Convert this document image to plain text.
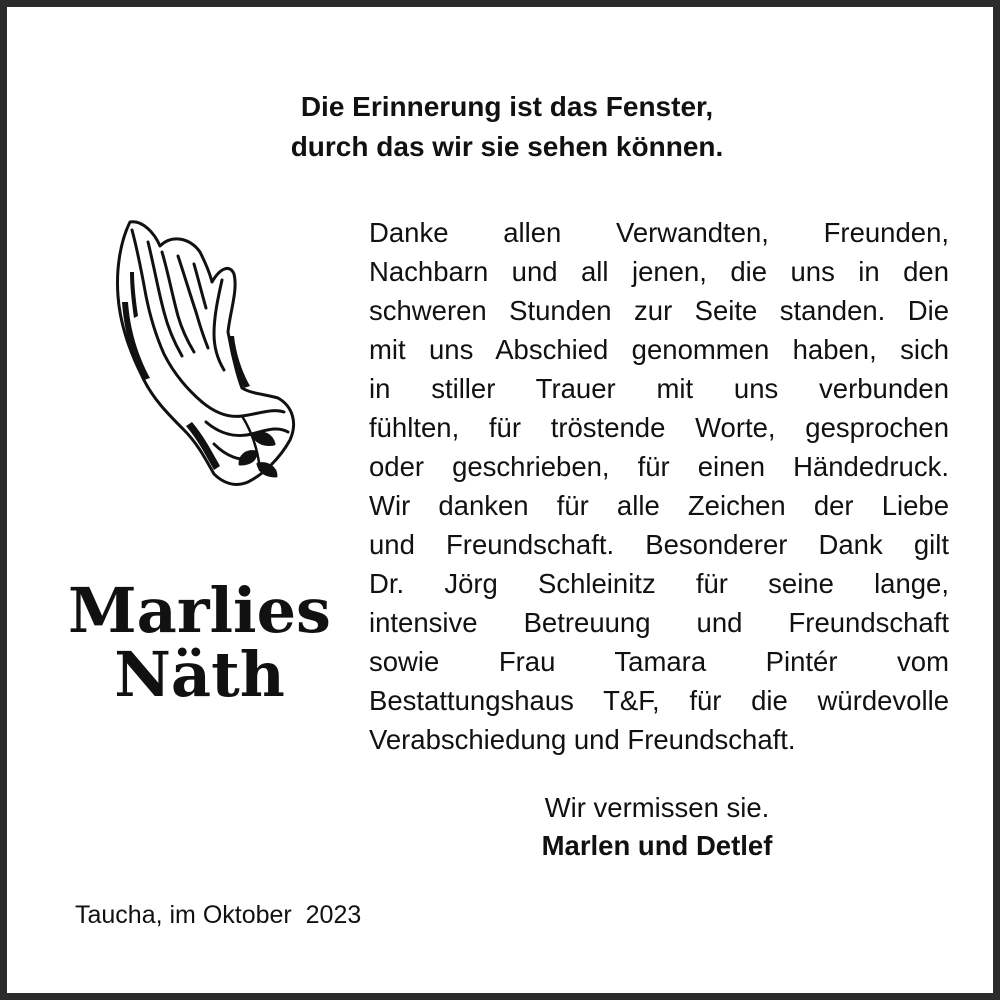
Die Erinnerung ist das Fenster,
durch das wir sie sehen können.
Marlies
Näth
Danke allen Verwandten, Freunden,
Nachbarn und all jenen, die uns in den
schweren Stunden zur Seite standen. Die
mit uns Abschied genommen haben, sich
in stiller Trauer mit uns verbunden
fühlten, für tröstende Worte, gesprochen
oder geschrieben, für einen Händedruck.
Wir danken für alle Zeichen der Liebe
und Freundschaft. Besonderer Dank gilt
Dr. Jörg Schleinitz für seine lange,
intensive Betreuung und Freundschaft
sowie Frau Tamara Pintér vom
Bestattungshaus T&F, für die würdevolle
Verabschiedung und Freundschaft.
Wir vermissen sie.
Marlen und Detlef
Taucha, im Oktober  2023
